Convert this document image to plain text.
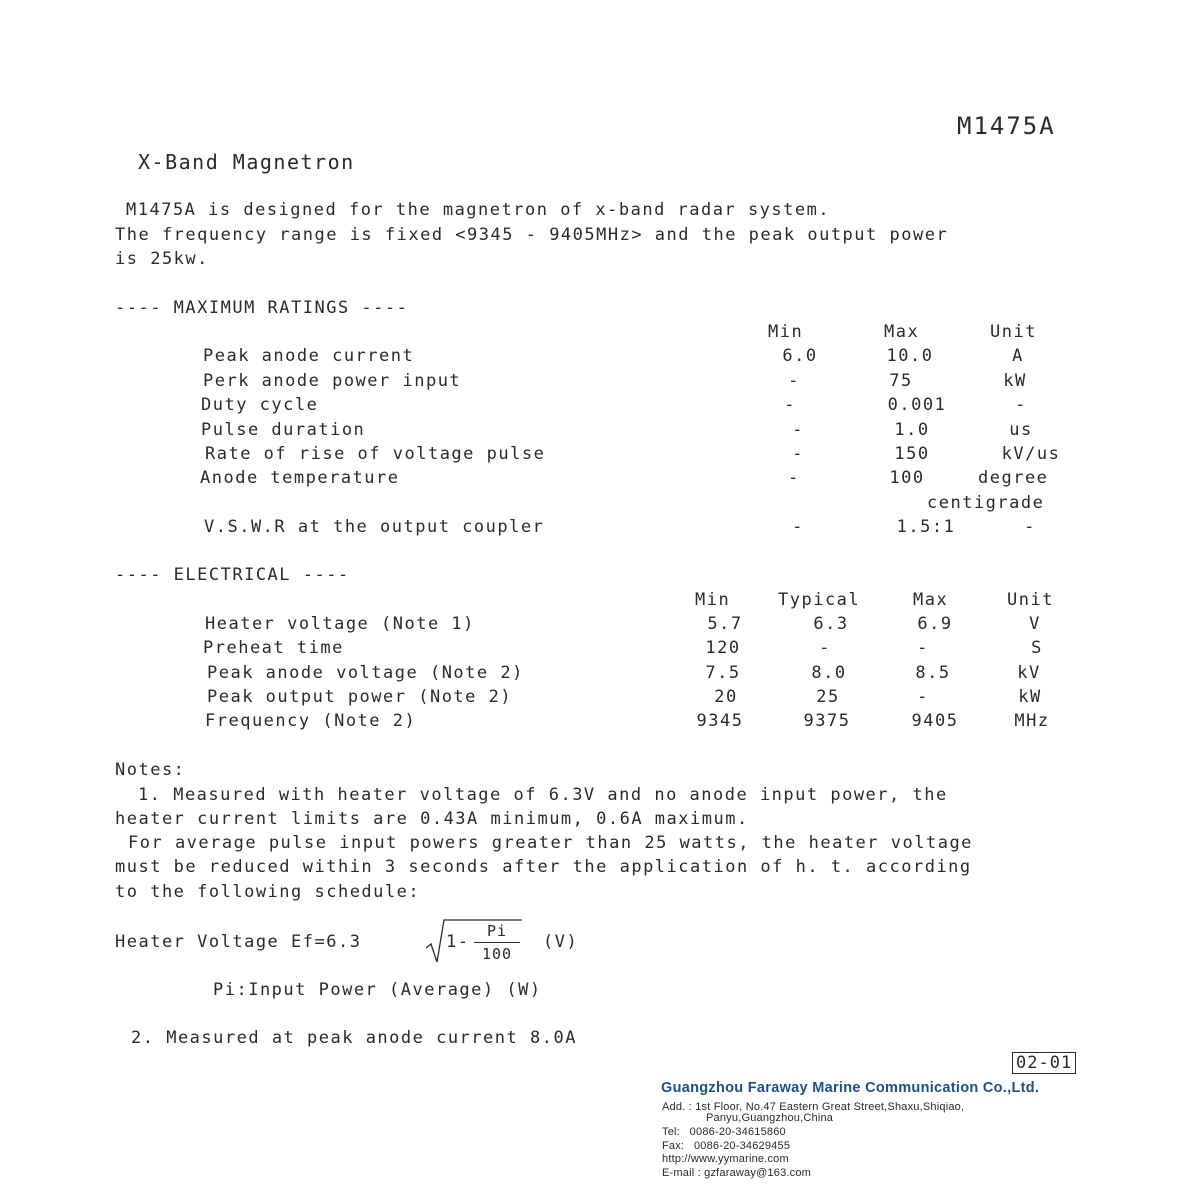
M1475A
X-Band Magnetron
M1475A is designed for the magnetron of x-band radar system.
The frequency range is fixed <9345 - 9405MHz> and the peak output power
is 25kw.
---- MAXIMUM RATINGS ----
Min	Max	Unit
Peak anode current	6.0	10.0	A
Perk anode power input	-	75	kW
Duty cycle	-	0.001	-
Pulse duration	-	1.0	us
Rate of rise of voltage pulse	-	150	kV/us
Anode temperature	-	100	degree
centigrade
V.S.W.R at the output coupler	-	1.5:1	-
---- ELECTRICAL ----
Min	Typical	Max	Unit
Heater voltage (Note 1)	5.7	6.3	6.9	V
Preheat time	120	-	-	S
Peak anode voltage (Note 2)	7.5	8.0	8.5	kV
Peak output power (Note 2)	20	25	-	kW
Frequency (Note 2)	9345	9375	9405	MHz
Notes:
1. Measured with heater voltage of 6.3V and no anode input power, the
heater current limits are 0.43A minimum, 0.6A maximum.
For average pulse input powers greater than 25 watts, the heater voltage
must be reduced within 3 seconds after the application of h. t. according
to the following schedule:
Heater Voltage Ef=6.3	1-
Pi
100
(V)
Pi:Input Power (Average) (W)
2. Measured at peak anode current 8.0A
02-01
Guangzhou Faraway Marine Communication Co.,Ltd.
Add. : 1st Floor, No.47 Eastern Great Street,Shaxu,Shiqiao,
Panyu,Guangzhou,China
Tel:   0086-20-34615860
Fax:   0086-20-34629455
http://www.yymarine.com
E-mail : gzfaraway@163.com
